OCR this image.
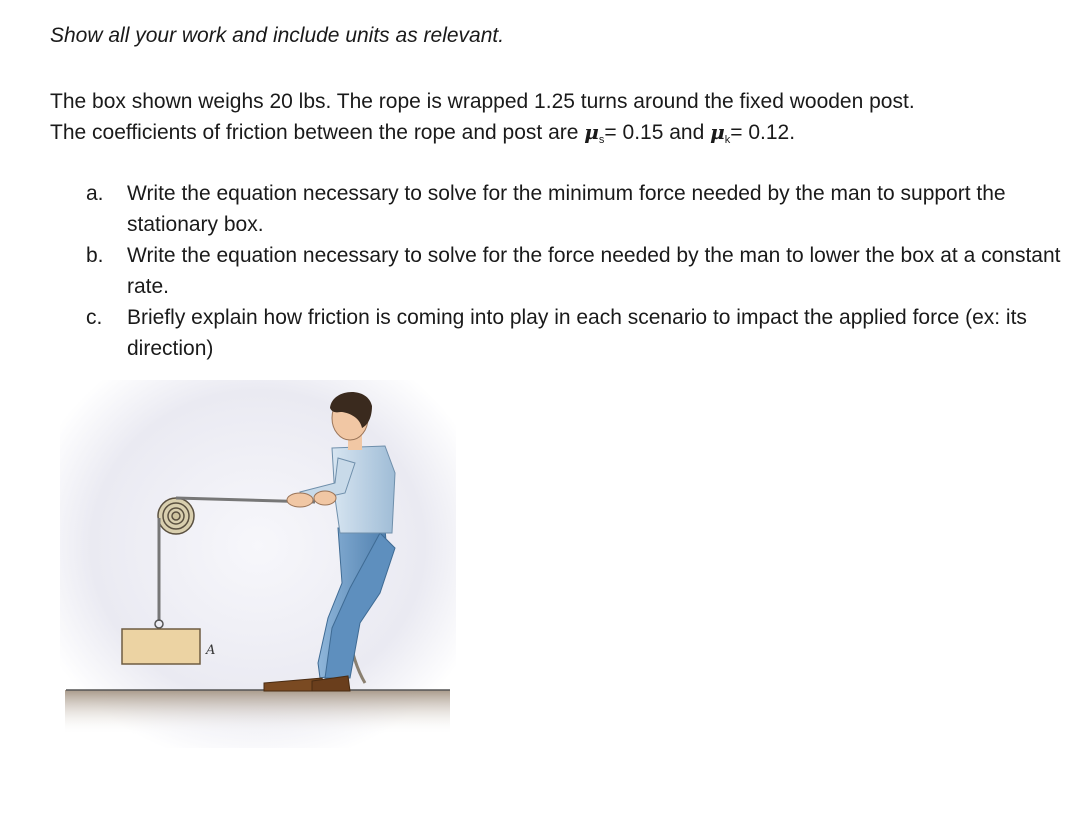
Show all your work and include units as relevant.

The box shown weighs 20 lbs. The rope is wrapped 1.25 turns around the fixed wooden post.
The coefficients of friction between the rope and post are $\mu_s= 0.15$ and $\mu_k= 0.12$.

a.	Write the equation necessary to solve for the minimum force needed by the man to support the stationary box.
b.	Write the equation necessary to solve for the force needed by the man to lower the box at a constant rate.
c.	Briefly explain how friction is coming into play in each scenario to impact the applied force (ex: its direction)
A
